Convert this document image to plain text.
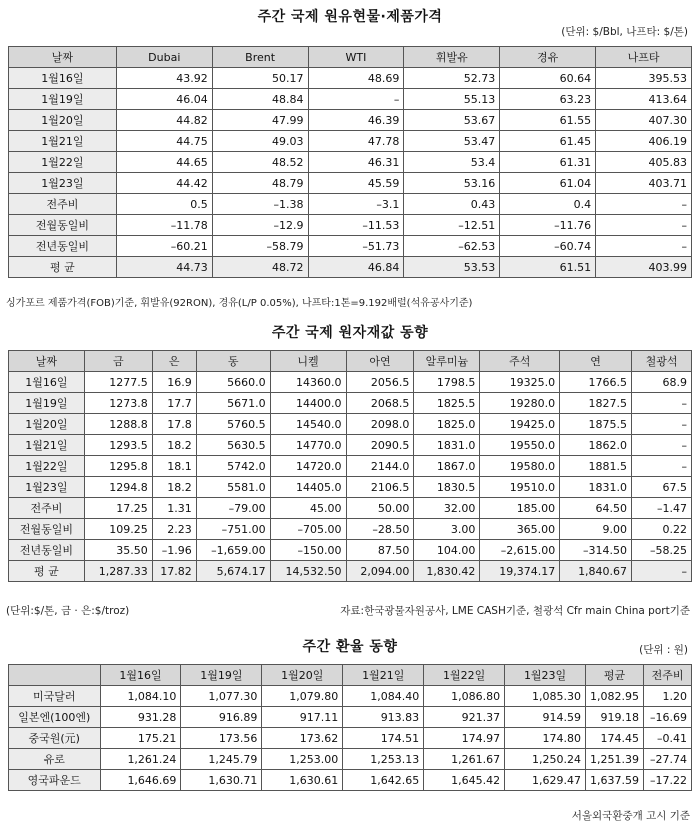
주간 국제 원유현물·제품가격
(단위: $/Bbl, 나프타: $/톤)
날짜	Dubai	Brent	WTI	휘발유	경유	나프타
1월16일	43.92	50.17	48.69	52.73	60.64	395.53
1월19일	46.04	48.84	–	55.13	63.23	413.64
1월20일	44.82	47.99	46.39	53.67	61.55	407.30
1월21일	44.75	49.03	47.78	53.47	61.45	406.19
1월22일	44.65	48.52	46.31	53.4	61.31	405.83
1월23일	44.42	48.79	45.59	53.16	61.04	403.71
전주비	0.5	–1.38	–3.1	0.43	0.4	–
전월동일비	–11.78	–12.9	–11.53	–12.51	–11.76	–
전년동일비	–60.21	–58.79	–51.73	–62.53	–60.74	–
평 균	44.73	48.72	46.84	53.53	61.51	403.99
싱가포르 제품가격(FOB)기준, 휘발유(92RON), 경유(L/P 0.05%), 나프타:1톤=9.192배럴(석유공사기준)
주간 국제 원자재값 동향
날짜	금	은	동	니켈	아연	알루미늄	주석	연	철광석
1월16일	1277.5	16.9	5660.0	14360.0	2056.5	1798.5	19325.0	1766.5	68.9
1월19일	1273.8	17.7	5671.0	14400.0	2068.5	1825.5	19280.0	1827.5	–
1월20일	1288.8	17.8	5760.5	14540.0	2098.0	1825.0	19425.0	1875.5	–
1월21일	1293.5	18.2	5630.5	14770.0	2090.5	1831.0	19550.0	1862.0	–
1월22일	1295.8	18.1	5742.0	14720.0	2144.0	1867.0	19580.0	1881.5	–
1월23일	1294.8	18.2	5581.0	14405.0	2106.5	1830.5	19510.0	1831.0	67.5
전주비	17.25	1.31	–79.00	45.00	50.00	32.00	185.00	64.50	–1.47
전월동일비	109.25	2.23	–751.00	–705.00	–28.50	3.00	365.00	9.00	0.22
전년동일비	35.50	–1.96	–1,659.00	–150.00	87.50	104.00	–2,615.00	–314.50	–58.25
평 균	1,287.33	17.82	5,674.17	14,532.50	2,094.00	1,830.42	19,374.17	1,840.67	–
(단위:$/톤, 금 · 은:$/troz)	자료:한국광물자원공사, LME CASH기준, 철광석 Cfr main China port기준
주간 환율 동향	(단위 : 원)
	1월16일	1월19일	1월20일	1월21일	1월22일	1월23일	평균	전주비
미국달러	1,084.10	1,077.30	1,079.80	1,084.40	1,086.80	1,085.30	1,082.95	1.20
일본엔(100엔)	931.28	916.89	917.11	913.83	921.37	914.59	919.18	–16.69
중국원(元)	175.21	173.56	173.62	174.51	174.97	174.80	174.45	–0.41
유로	1,261.24	1,245.79	1,253.00	1,253.13	1,261.67	1,250.24	1,251.39	–27.74
영국파운드	1,646.69	1,630.71	1,630.61	1,642.65	1,645.42	1,629.47	1,637.59	–17.22
서울외국환중개 고시 기준
